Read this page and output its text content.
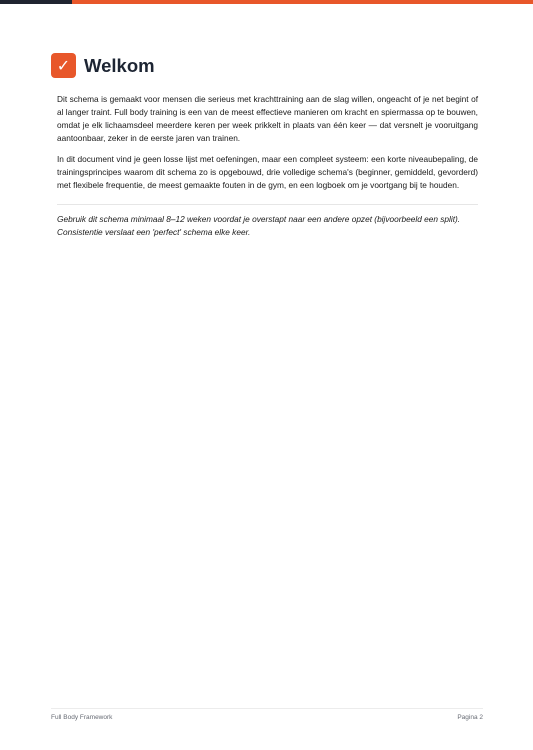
✓ Welkom

Dit schema is gemaakt voor mensen die serieus met krachttraining aan de slag willen, ongeacht of je net begint of al langer traint. Full body training is een van de meest effectieve manieren om kracht en spiermassa op te bouwen, omdat je elk lichaamsdeel meerdere keren per week prikkelt in plaats van één keer — dat versnelt je vooruitgang aantoonbaar, zeker in de eerste jaren van trainen.

In dit document vind je geen losse lijst met oefeningen, maar een compleet systeem: een korte niveaubepaling, de trainingsprincipes waarom dit schema zo is opgebouwd, drie volledige schema's (beginner, gemiddeld, gevorderd) met flexibele frequentie, de meest gemaakte fouten in de gym, en een logboek om je voortgang bij te houden.

Gebruik dit schema minimaal 8–12 weken voordat je overstapt naar een andere opzet (bijvoorbeeld een split). Consistentie verslaat een 'perfect' schema elke keer.
Full Body Framework	Pagina 2
